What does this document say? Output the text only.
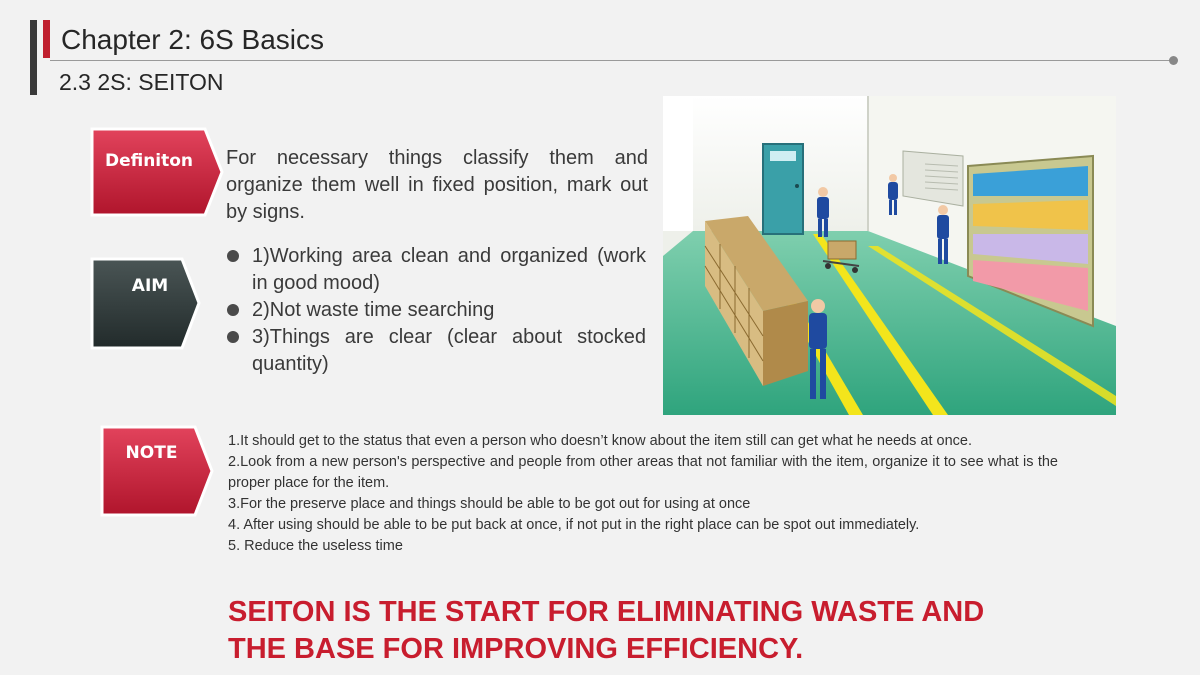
Chapter 2: 6S Basics
2.3 2S: SEITON
Definiton	For necessary things classify them and organize them well in fixed position, mark out by signs.
AIM
1)Working area clean and organized (work in good mood)
2)Not waste time searching
3)Things are clear (clear about stocked quantity)
NOTE

1.It should get to the status that even a person who doesn’t know about the item still can get what he needs at once.

2.Look from a new person's perspective and people from other areas that not familiar with the item, organize it to see what is the proper place for the item.

3.For the preserve place and things should be able to be got out for using at once

4. After using should be able to be put back at once, if not put in the right place can be spot out immediately.

5. Reduce the useless time

SEITON IS THE START FOR ELIMINATING WASTE AND
THE BASE FOR IMPROVING EFFICIENCY.
